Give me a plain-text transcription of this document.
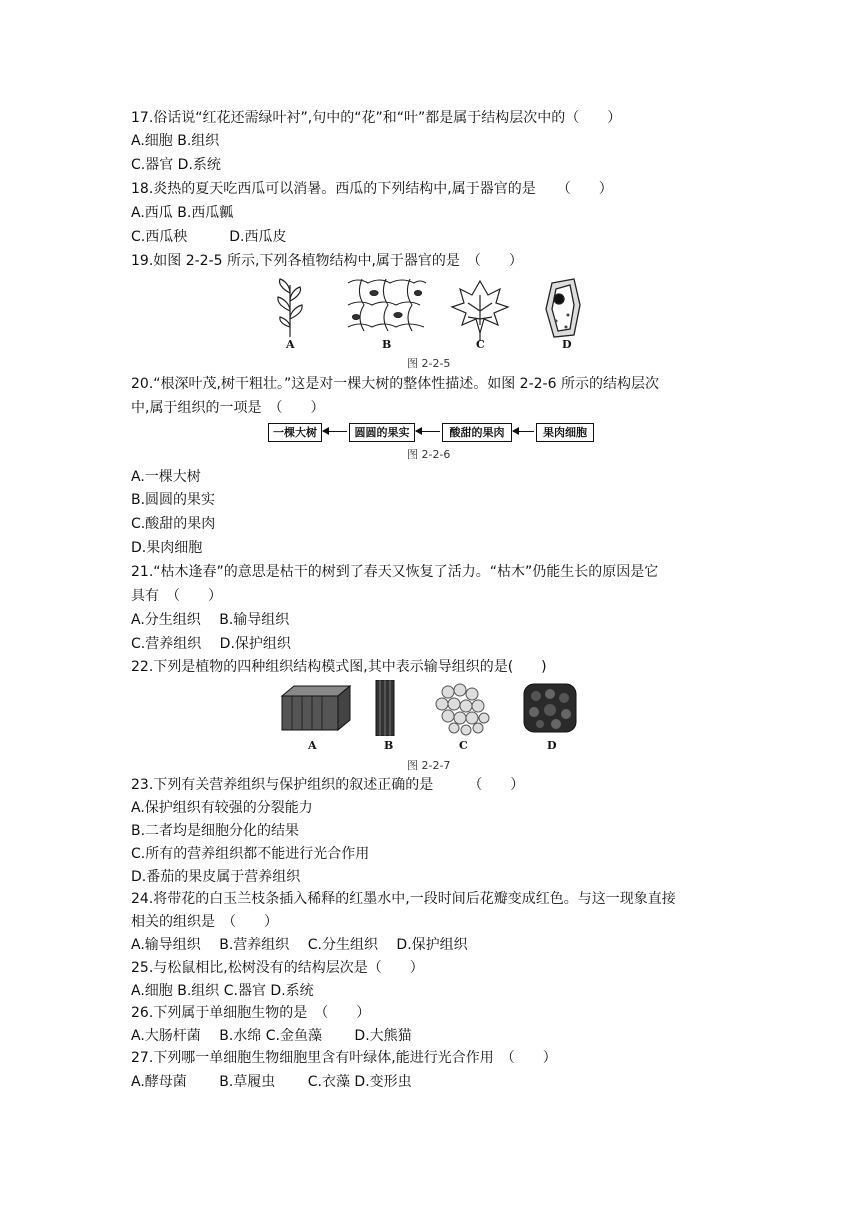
17.俗话说“红花还需绿叶衬”,句中的“花”和“叶”都是属于结构层次中的（　　）
A.细胞 B.组织
C.器官 D.系统
18.炎热的夏天吃西瓜可以消暑。西瓜的下列结构中,属于器官的是　　（　　）
A.西瓜 B.西瓜瓤
C.西瓜秧　　　D.西瓜皮
19.如图 2-2-5 所示,下列各植物结构中,属于器官的是　（　　）
A	B	C	D
图 2-2-5
20.“根深叶茂,树干粗壮。”这是对一棵大树的整体性描述。如图 2-2-6 所示的结构层次
中,属于组织的一项是　（　　）
一棵大树	圆圆的果实	酸甜的果肉	果肉细胞
图 2-2-6
A.一棵大树
B.圆圆的果实
C.酸甜的果肉
D.果肉细胞
21.“枯木逢春”的意思是枯干的树到了春天又恢复了活力。“枯木”仍能生长的原因是它
具有　（　　）
A.分生组织　 B.输导组织
C.营养组织　 D.保护组织
22.下列是植物的四种组织结构模式图,其中表示输导组织的是(　　)
A	B	C	D
图 2-2-7
23.下列有关营养组织与保护组织的叙述正确的是　　　（　　）
A.保护组织有较强的分裂能力
B.二者均是细胞分化的结果
C.所有的营养组织都不能进行光合作用
D.番茄的果皮属于营养组织
24.将带花的白玉兰枝条插入稀释的红墨水中,一段时间后花瓣变成红色。与这一现象直接
相关的组织是　（　　）
A.输导组织　 B.营养组织　 C.分生组织　 D.保护组织
25.与松鼠相比,松树没有的结构层次是（　　）
A.细胞 B.组织 C.器官 D.系统
26.下列属于单细胞生物的是　（　　）
A.大肠杆菌　 B.水绵 C.金鱼藻　　 D.大熊猫
27.下列哪一单细胞生物细胞里含有叶绿体,能进行光合作用　（　　）
A.酵母菌　　 B.草履虫　　 C.衣藻 D.变形虫
